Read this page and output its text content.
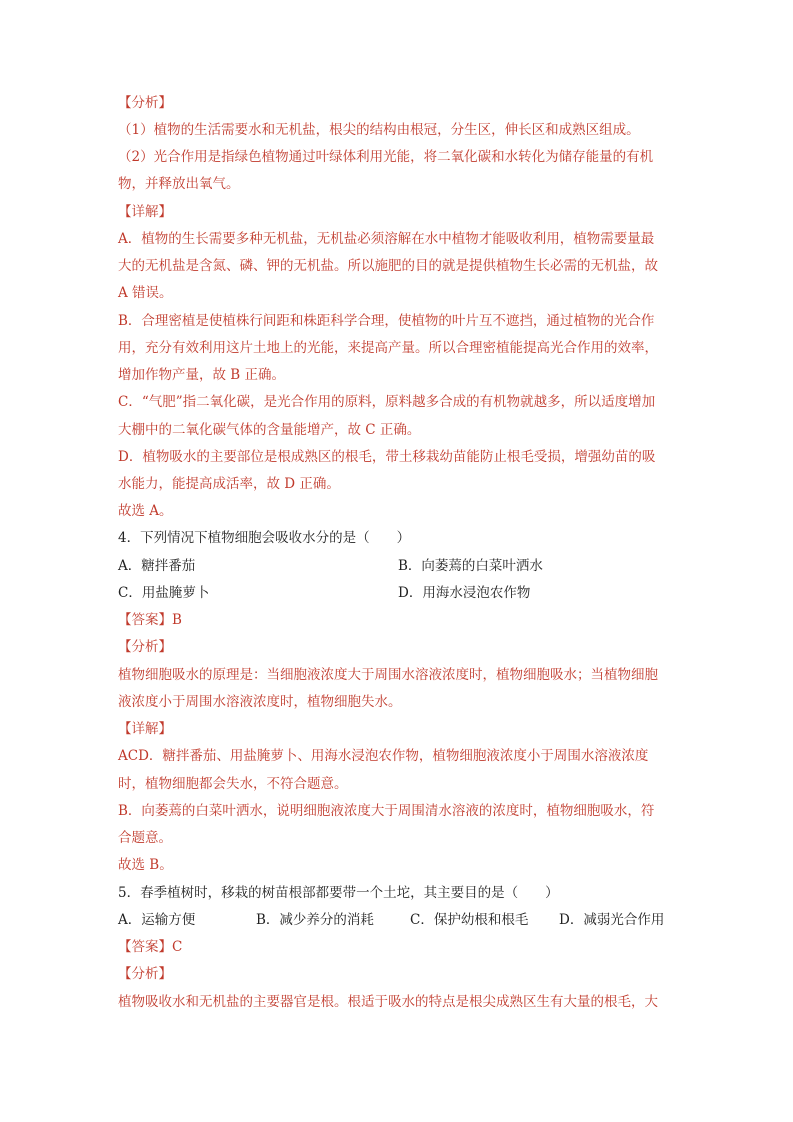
【分析】
（1）植物的生活需要水和无机盐，根尖的结构由根冠，分生区，伸长区和成熟区组成。
（2）光合作用是指绿色植物通过叶绿体利用光能，将二氧化碳和水转化为储存能量的有机
物，并释放出氧气。
【详解】
A．植物的生长需要多种无机盐，无机盐必须溶解在水中植物才能吸收利用，植物需要量最
大的无机盐是含氮、磷、钾的无机盐。所以施肥的目的就是提供植物生长必需的无机盐，故
A 错误。
B．合理密植是使植株行间距和株距科学合理，使植物的叶片互不遮挡，通过植物的光合作
用，充分有效利用这片土地上的光能，来提高产量。所以合理密植能提高光合作用的效率，
增加作物产量，故 B 正确。
C．“气肥”指二氧化碳，是光合作用的原料，原料越多合成的有机物就越多，所以适度增加
大棚中的二氧化碳气体的含量能增产，故 C 正确。
D．植物吸水的主要部位是根成熟区的根毛，带土移栽幼苗能防止根毛受损，增强幼苗的吸
水能力，能提高成活率，故 D 正确。
故选 A。
4．下列情况下植物细胞会吸收水分的是（　　）
A．糖拌番茄	B．向萎蔫的白菜叶洒水
C．用盐腌萝卜	D．用海水浸泡农作物
【答案】B
【分析】
植物细胞吸水的原理是：当细胞液浓度大于周围水溶液浓度时，植物细胞吸水；当植物细胞
液浓度小于周围水溶液浓度时，植物细胞失水。
【详解】
ACD．糖拌番茄、用盐腌萝卜、用海水浸泡农作物，植物细胞液浓度小于周围水溶液浓度
时，植物细胞都会失水，不符合题意。
B．向萎蔫的白菜叶洒水，说明细胞液浓度大于周围清水溶液的浓度时，植物细胞吸水，符
合题意。
故选 B。
5．春季植树时，移栽的树苗根部都要带一个土坨，其主要目的是（　　）
A．运输方便	B．减少养分的消耗	C．保护幼根和根毛 D．减弱光合作用
【答案】C
【分析】
植物吸收水和无机盐的主要器官是根。根适于吸水的特点是根尖成熟区生有大量的根毛，大
